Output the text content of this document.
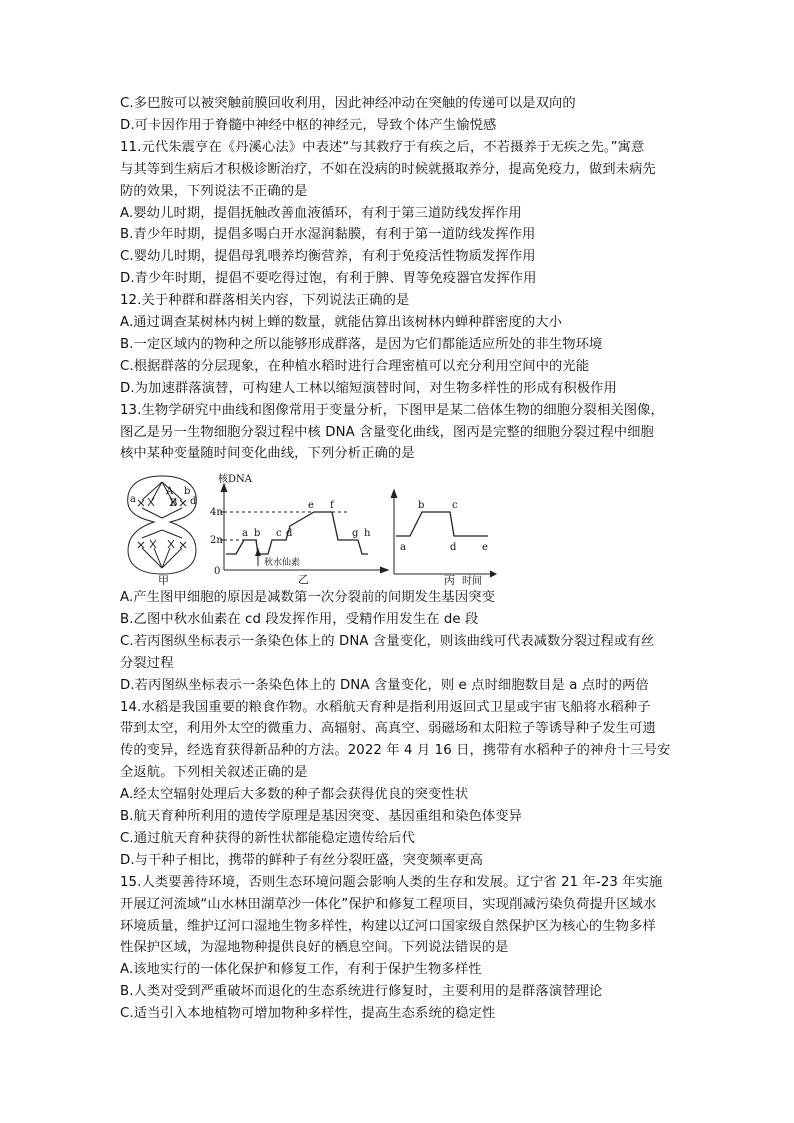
C.多巴胺可以被突触前膜回收利用，因此神经冲动在突触的传递可以是双向的
D.可卡因作用于脊髓中神经中枢的神经元，导致个体产生愉悦感
11.元代朱震亨在《丹溪心法》中表述“与其救疗于有疾之后，不若摄养于无疾之先。”寓意
与其等到生病后才积极诊断治疗，不如在没病的时候就摄取养分，提高免疫力，做到未病先
防的效果，下列说法不正确的是
A.婴幼儿时期，提倡抚触改善血液循环，有利于第三道防线发挥作用
B.青少年时期，提倡多喝白开水湿润黏膜，有利于第一道防线发挥作用
C.婴幼儿时期，提倡母乳喂养均衡营养，有利于免疫活性物质发挥作用
D.青少年时期，提倡不要吃得过饱，有利于脾、胃等免疫器官发挥作用
12.关于种群和群落相关内容，下列说法正确的是
A.通过调查某树林内树上蝉的数量，就能估算出该树林内蝉种群密度的大小
B.一定区域内的物种之所以能够形成群落，是因为它们都能适应所处的非生物环境
C.根据群落的分层现象，在种植水稻时进行合理密植可以充分利用空间中的光能
D.为加速群落演替，可构建人工林以缩短演替时间，对生物多样性的形成有积极作用
13.生物学研究中曲线和图像常用于变量分析，下图甲是某二倍体生物的细胞分裂相关图像，
图乙是另一生物细胞分裂过程中核 DNA 含量变化曲线，图丙是完整的细胞分裂过程中细胞
核中某种变量随时间变化曲线，下列分析正确的是
a
A
B
b
d
甲
核DNA
4n
2n
0
a b c d
e f
g h
秋水仙素
乙
a
b	c
d	e
丙 时间
A.产生图甲细胞的原因是减数第一次分裂前的间期发生基因突变
B.乙图中秋水仙素在 cd 段发挥作用，受精作用发生在 de 段
C.若丙图纵坐标表示一条染色体上的 DNA 含量变化，则该曲线可代表减数分裂过程或有丝
分裂过程
D.若丙图纵坐标表示一条染色体上的 DNA 含量变化，则 e 点时细胞数目是 a 点时的两倍
14.水稻是我国重要的粮食作物。水稻航天育种是指利用返回式卫星或宇宙飞船将水稻种子
带到太空，利用外太空的微重力、高辐射、高真空、弱磁场和太阳粒子等诱导种子发生可遗
传的变异，经选育获得新品种的方法。2022 年 4 月 16 日，携带有水稻种子的神舟十三号安
全返航。下列相关叙述正确的是
A.经太空辐射处理后大多数的种子都会获得优良的突变性状
B.航天育种所利用的遗传学原理是基因突变、基因重组和染色体变异
C.通过航天育种获得的新性状都能稳定遗传给后代
D.与干种子相比，携带的鲜种子有丝分裂旺盛，突变频率更高
15.人类要善待环境，否则生态环境问题会影响人类的生存和发展。辽宁省 21 年-23 年实施
开展辽河流域“山水林田湖草沙一体化”保护和修复工程项目，实现削减污染负荷提升区域水
环境质量，维护辽河口湿地生物多样性，构建以辽河口国家级自然保护区为核心的生物多样
性保护区域，为湿地物种提供良好的栖息空间。下列说法错误的是
A.该地实行的一体化保护和修复工作，有利于保护生物多样性
B.人类对受到严重破坏而退化的生态系统进行修复时，主要利用的是群落演替理论
C.适当引入本地植物可增加物种多样性，提高生态系统的稳定性
